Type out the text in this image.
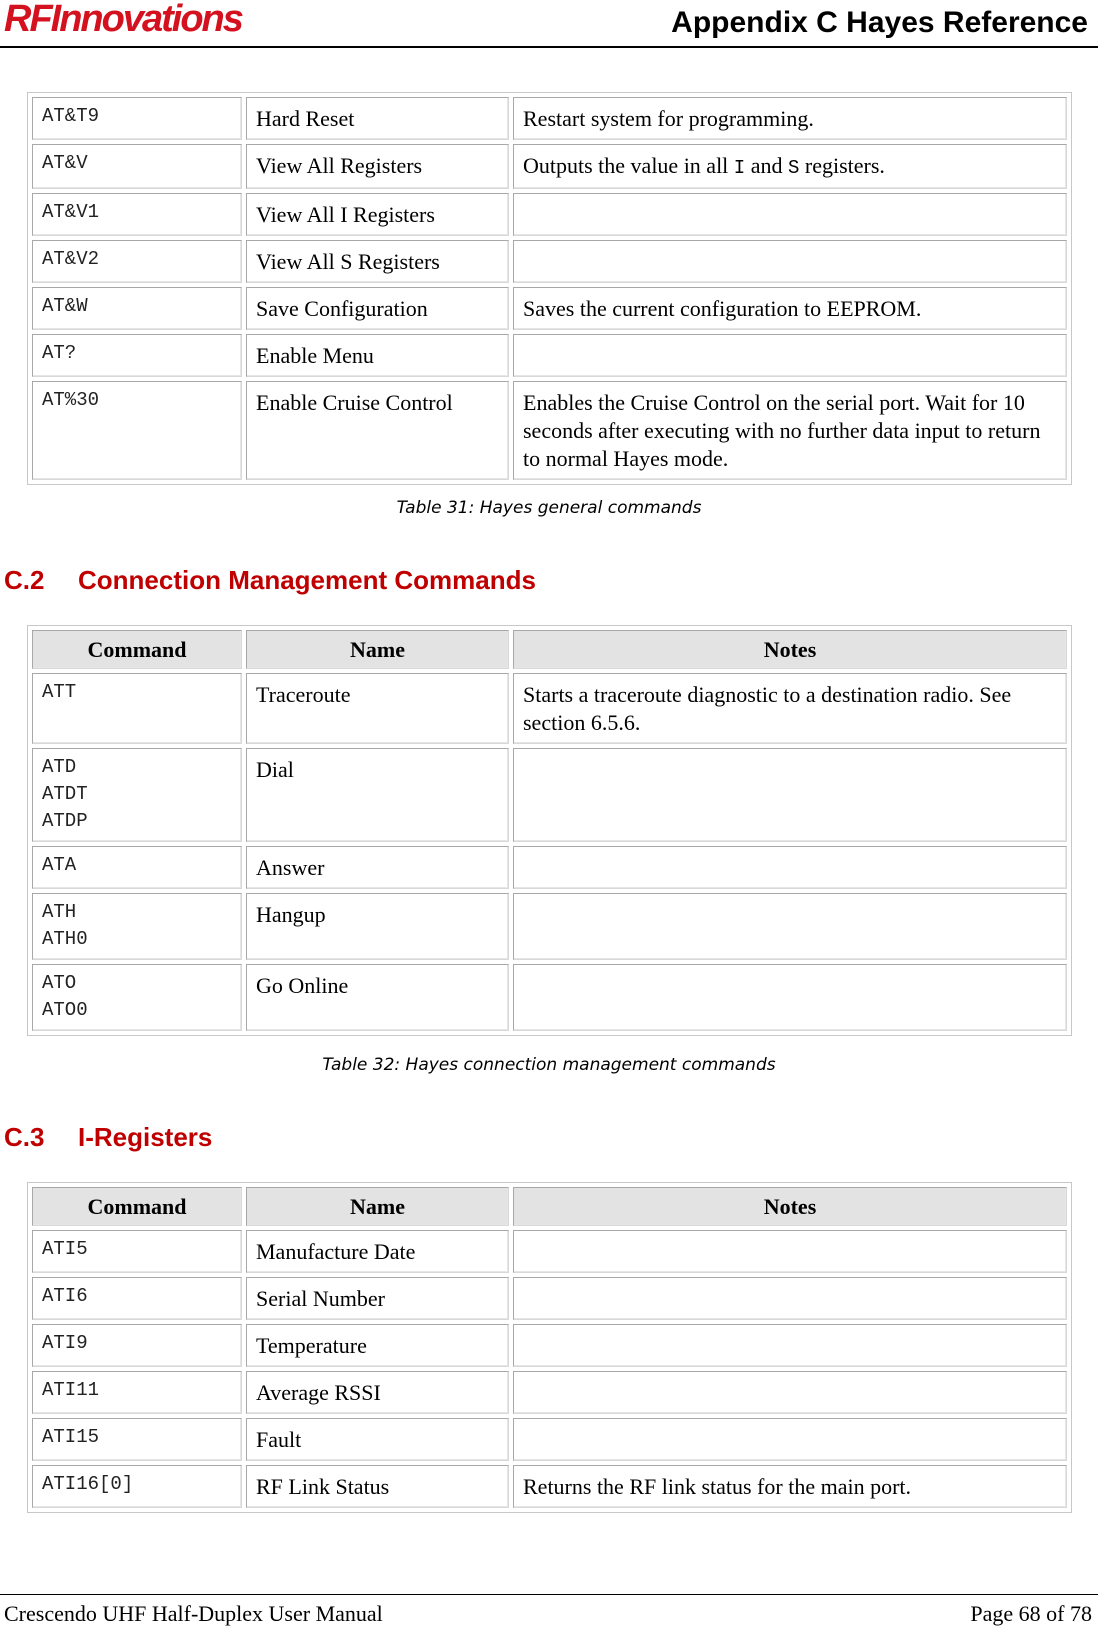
RFInnovations	Appendix C Hayes Reference
AT&T9	Hard Reset	Restart system for programming.

AT&V	View All Registers	Outputs the value in all I and S registers.

AT&V1	View All I Registers	

AT&V2	View All S Registers	

AT&W	Save Configuration	Saves the current configuration to EEPROM.

AT?	Enable Menu	

AT%30	Enable Cruise Control	Enables the Cruise Control on the serial port. Wait for 10 seconds after executing with no further data input to return to normal Hayes mode.
Table 31: Hayes general commands
C.2 Connection Management Commands
Command	Name	Notes

ATT	Traceroute	Starts a traceroute diagnostic to a destination radio. See section 6.5.6.

ATD
ATDT
ATDP	Dial	

ATA	Answer	

ATH
ATH0	Hangup	

ATO
ATO0	Go Online	
Table 32: Hayes connection management commands
C.3 I-Registers
Command	Name	Notes

ATI5	Manufacture Date	

ATI6	Serial Number	

ATI9	Temperature	

ATI11	Average RSSI	

ATI15	Fault	

ATI16[0]	RF Link Status	Returns the RF link status for the main port.
Crescendo UHF Half-Duplex User Manual	Page 68 of 78
